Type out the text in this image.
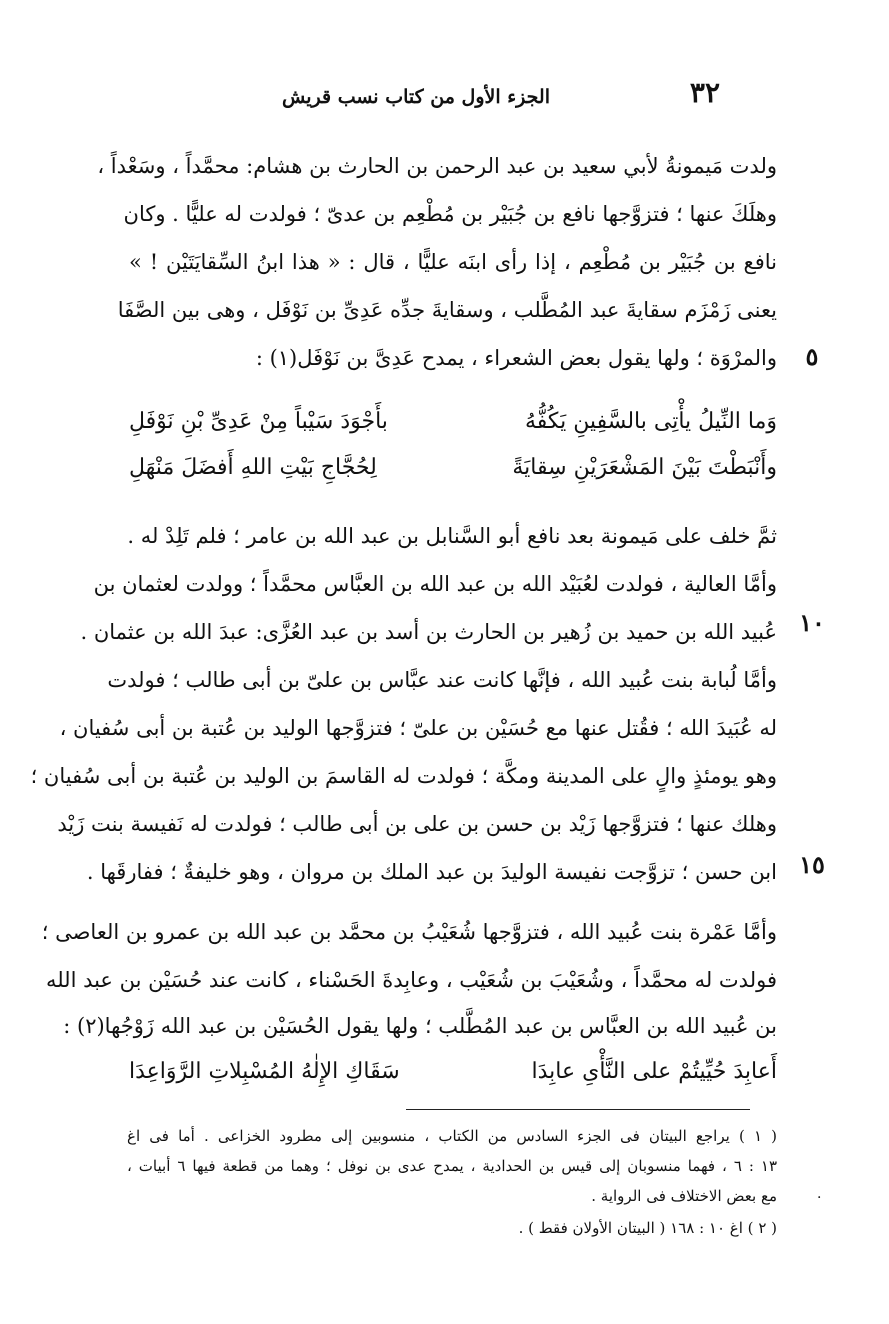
٣٢
الجزء الأول من كتاب نسب قريش
ولدت مَيمونةُ لأبي سعيد بن عبد الرحمن بن الحارث بن هشام: محمَّداً ، وسَعْداً ،
وهلَكَ عنها ؛ فتزوَّجها نافع بن جُبَيْر بن مُطْعِم بن عدىّ ؛ فولدت له عليًّا . وكان
نافع بن جُبَيْر بن مُطْعِم ، إذا رأى ابنَه عليًّا ، قال : « هذا ابنُ السِّقايَتَيْن ! »
يعنى زَمْزَم سقايةَ عبد المُطَّلب ، وسقايةَ جدِّه عَدِىِّ بن نَوْفَل ، وهى بين الصَّفَا
والمرْوَة ؛ ولها يقول بعض الشعراء ، يمدح عَدِىَّ بن نَوْفَل(١) :	٥
وَما النِّيلُ يأْتِى بالسَّفِينِ يَكُفُّهُ
بأَجْوَدَ سَيْباً مِنْ عَدِىِّ بْنِ نَوْفَلِ
وأَنْبَطْتَ بَيْنَ المَشْعَرَيْنِ سِقايَةً
لِحُجَّاجِ بَيْتِ اللهِ أَفضَلَ مَنْهَلِ
ثمَّ خلف على مَيمونة بعد نافع أبو السَّنابل بن عبد الله بن عامر ؛ فلم تَلِدْ له .
وأمَّا العالية ، فولدت لعُبَيْد الله بن عبد الله بن العبَّاس محمَّداً ؛ وولدت لعثمان بن
عُبيد الله بن حميد بن زُهير بن الحارث بن أسد بن عبد العُزَّى: عبدَ الله بن عثمان . ١٠
وأمَّا لُبابة بنت عُبيد الله ، فإنَّها كانت عند عبَّاس بن علىّ بن أبى طالب ؛ فولدت
له عُبَيدَ الله ؛ فقُتل عنها مع حُسَيْن بن علىّ ؛ فتزوَّجها الوليد بن عُتبة بن أبى سُفيان ،
وهو يومئذٍ والٍ على المدينة ومكَّة ؛ فولدت له القاسمَ بن الوليد بن عُتبة بن أبى سُفيان ؛
وهلك عنها ؛ فتزوَّجها زَيْد بن حسن بن على بن أبى طالب ؛ فولدت له نَفيسة بنت زَيْد
ابن حسن ؛ تزوَّجت نفيسة الوليدَ بن عبد الملك بن مروان ، وهو خليفةٌ ؛ ففارقَها . ١٥
وأمَّا عَمْرة بنت عُبيد الله ، فتزوَّجها شُعَيْبُ بن محمَّد بن عبد الله بن عمرو بن العاصى ؛
فولدت له محمَّداً ، وشُعَيْبَ بن شُعَيْب ، وعابِدةَ الحَسْناء ، كانت عند حُسَيْن بن عبد الله
بن عُبيد الله بن العبَّاس بن عبد المُطَّلب ؛ ولها يقول الحُسَيْن بن عبد الله زَوْجُها(٢) :
أَعابِدَ حُيِّيتُمْ على النَّأْىِ عابِدَا
سَقَاكِ الإِلٰهُ المُسْبِلاتِ الرَّوَاعِدَا
( ١ ) يراجع البيتان فى الجزء السادس من الكتاب ، منسوبين إلى مطرود الخزاعى . أما فى اغ
١٣ : ٦ ، فهما منسوبان إلى قيس بن الحدادية ، يمدح عدى بن نوفل ؛ وهما من قطعة فيها ٦ أبيات ،
مع بعض الاختلاف فى الرواية .
( ٢ ) اغ ١٠ : ١٦٨ ( البيتان الأولان فقط ) .
·
